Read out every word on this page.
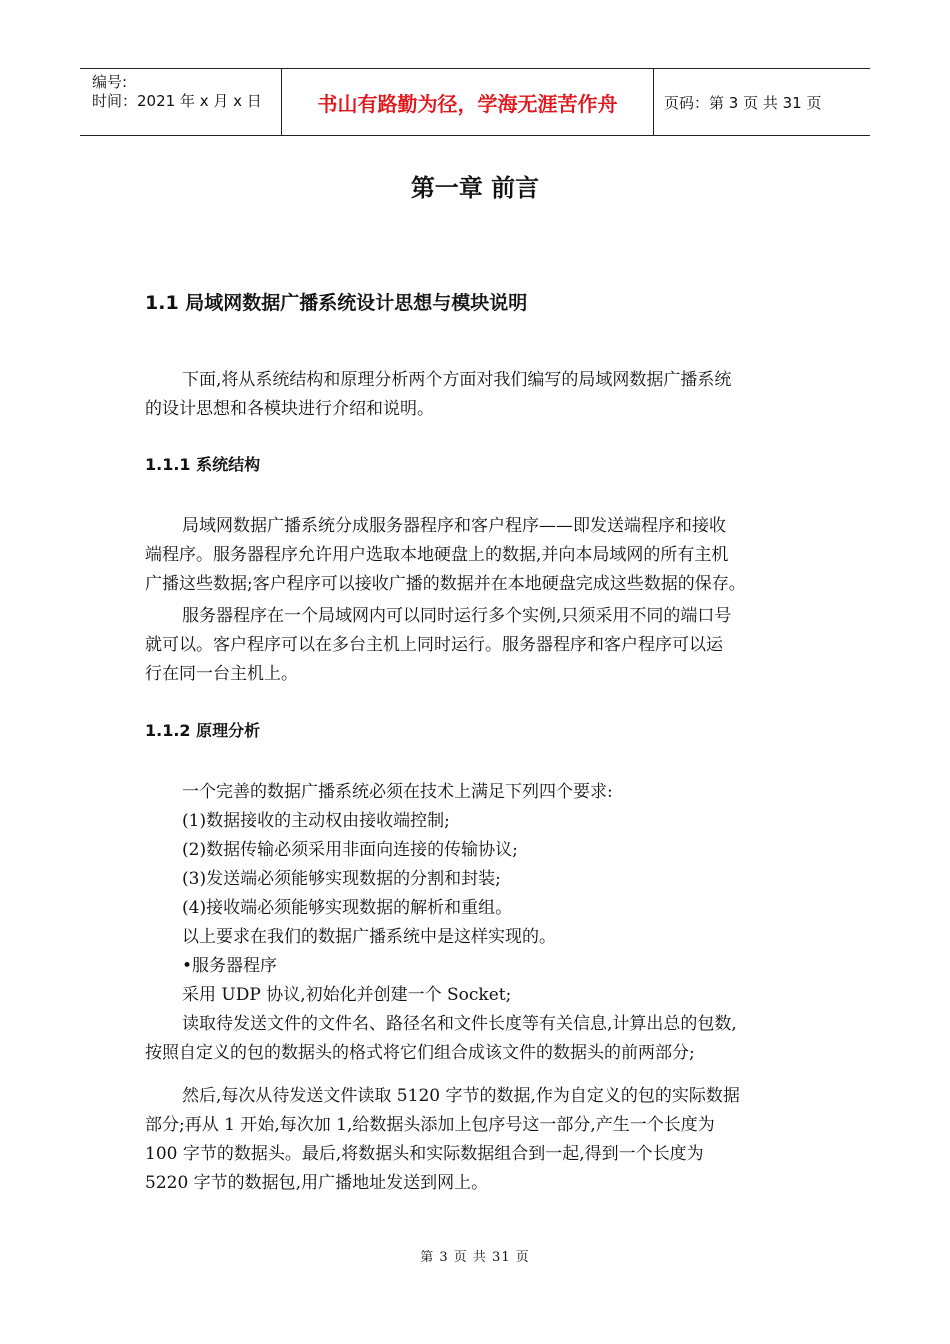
编号:
时间：2021 年 x 月 x 日	书山有路勤为径，学海无涯苦作舟	页码：第 3 页 共 31 页
第一章 前言
1.1 局域网数据广播系统设计思想与模块说明
下面,将从系统结构和原理分析两个方面对我们编写的局域网数据广播系统
的设计思想和各模块进行介绍和说明。
1.1.1 系统结构
局域网数据广播系统分成服务器程序和客户程序——即发送端程序和接收
端程序。服务器程序允许用户选取本地硬盘上的数据,并向本局域网的所有主机
广播这些数据;客户程序可以接收广播的数据并在本地硬盘完成这些数据的保存。
服务器程序在一个局域网内可以同时运行多个实例,只须采用不同的端口号
就可以。客户程序可以在多台主机上同时运行。服务器程序和客户程序可以运
行在同一台主机上。
1.1.2 原理分析
一个完善的数据广播系统必须在技术上满足下列四个要求:
(1)数据接收的主动权由接收端控制;
(2)数据传输必须采用非面向连接的传输协议;
(3)发送端必须能够实现数据的分割和封装;
(4)接收端必须能够实现数据的解析和重组。
以上要求在我们的数据广播系统中是这样实现的。
•服务器程序
采用 UDP 协议,初始化并创建一个 Socket;
读取待发送文件的文件名、路径名和文件长度等有关信息,计算出总的包数,
按照自定义的包的数据头的格式将它们组合成该文件的数据头的前两部分;
然后,每次从待发送文件读取 5120 字节的数据,作为自定义的包的实际数据
部分;再从 1 开始,每次加 1,给数据头添加上包序号这一部分,产生一个长度为
100 字节的数据头。最后,将数据头和实际数据组合到一起,得到一个长度为
5220 字节的数据包,用广播地址发送到网上。
第 3 页 共 31 页
